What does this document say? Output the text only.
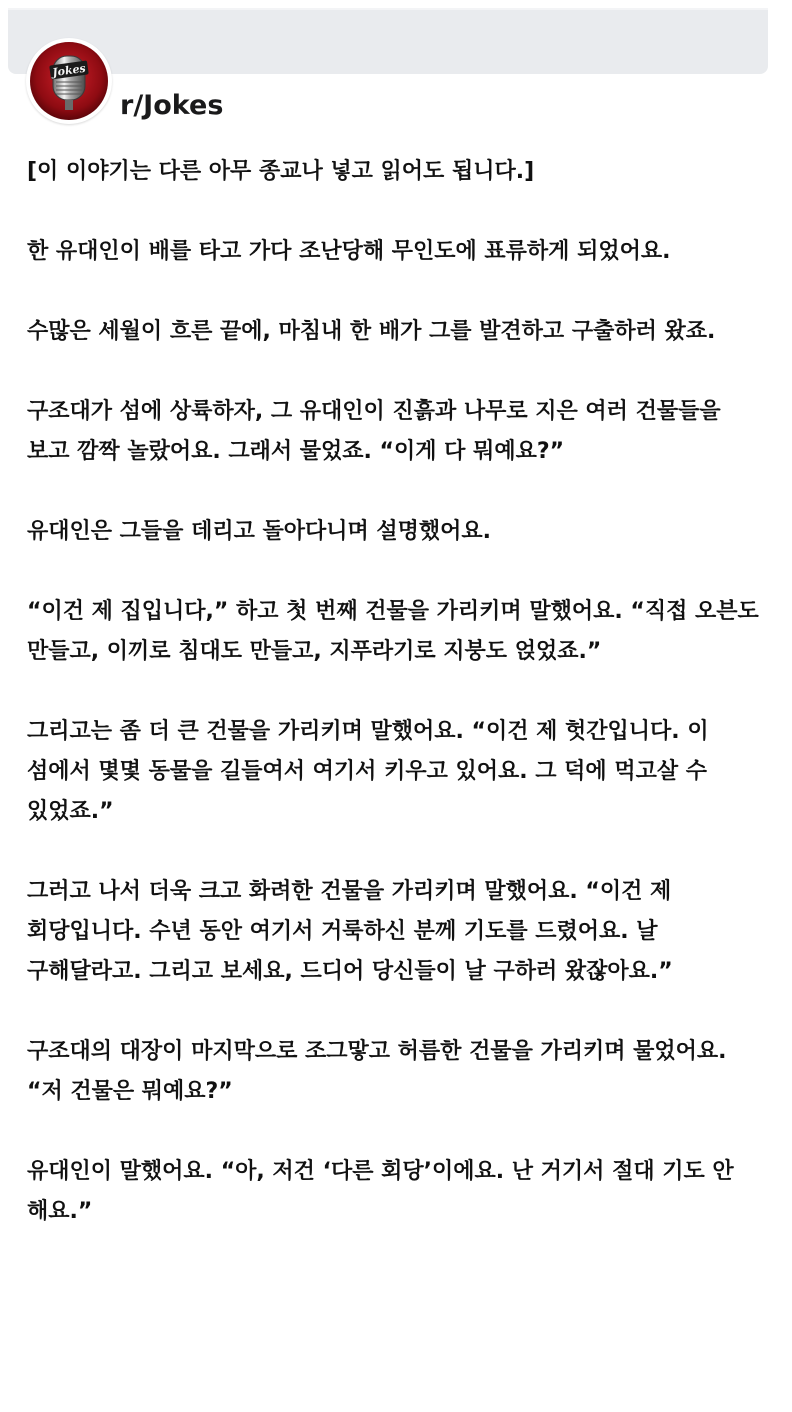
Jokes
r/Jokes

[이 이야기는 다른 아무 종교나 넣고 읽어도 됩니다.]

한 유대인이 배를 타고 가다 조난당해 무인도에 표류하게 되었어요.

수많은 세월이 흐른 끝에, 마침내 한 배가 그를 발견하고 구출하러 왔죠.

구조대가 섬에 상륙하자, 그 유대인이 진흙과 나무로 지은 여러 건물들을 보고 깜짝 놀랐어요. 그래서 물었죠. “이게 다 뭐예요?”

유대인은 그들을 데리고 돌아다니며 설명했어요.

“이건 제 집입니다,” 하고 첫 번째 건물을 가리키며 말했어요. “직접 오븐도 만들고, 이끼로 침대도 만들고, 지푸라기로 지붕도 얹었죠.”

그리고는 좀 더 큰 건물을 가리키며 말했어요. “이건 제 헛간입니다. 이 섬에서 몇몇 동물을 길들여서 여기서 키우고 있어요. 그 덕에 먹고살 수 있었죠.”

그러고 나서 더욱 크고 화려한 건물을 가리키며 말했어요. “이건 제 회당입니다. 수년 동안 여기서 거룩하신 분께 기도를 드렸어요. 날 구해달라고. 그리고 보세요, 드디어 당신들이 날 구하러 왔잖아요.”

구조대의 대장이 마지막으로 조그맣고 허름한 건물을 가리키며 물었어요. “저 건물은 뭐예요?”

유대인이 말했어요. “아, 저건 ‘다른 회당’이에요. 난 거기서 절대 기도 안 해요.”
